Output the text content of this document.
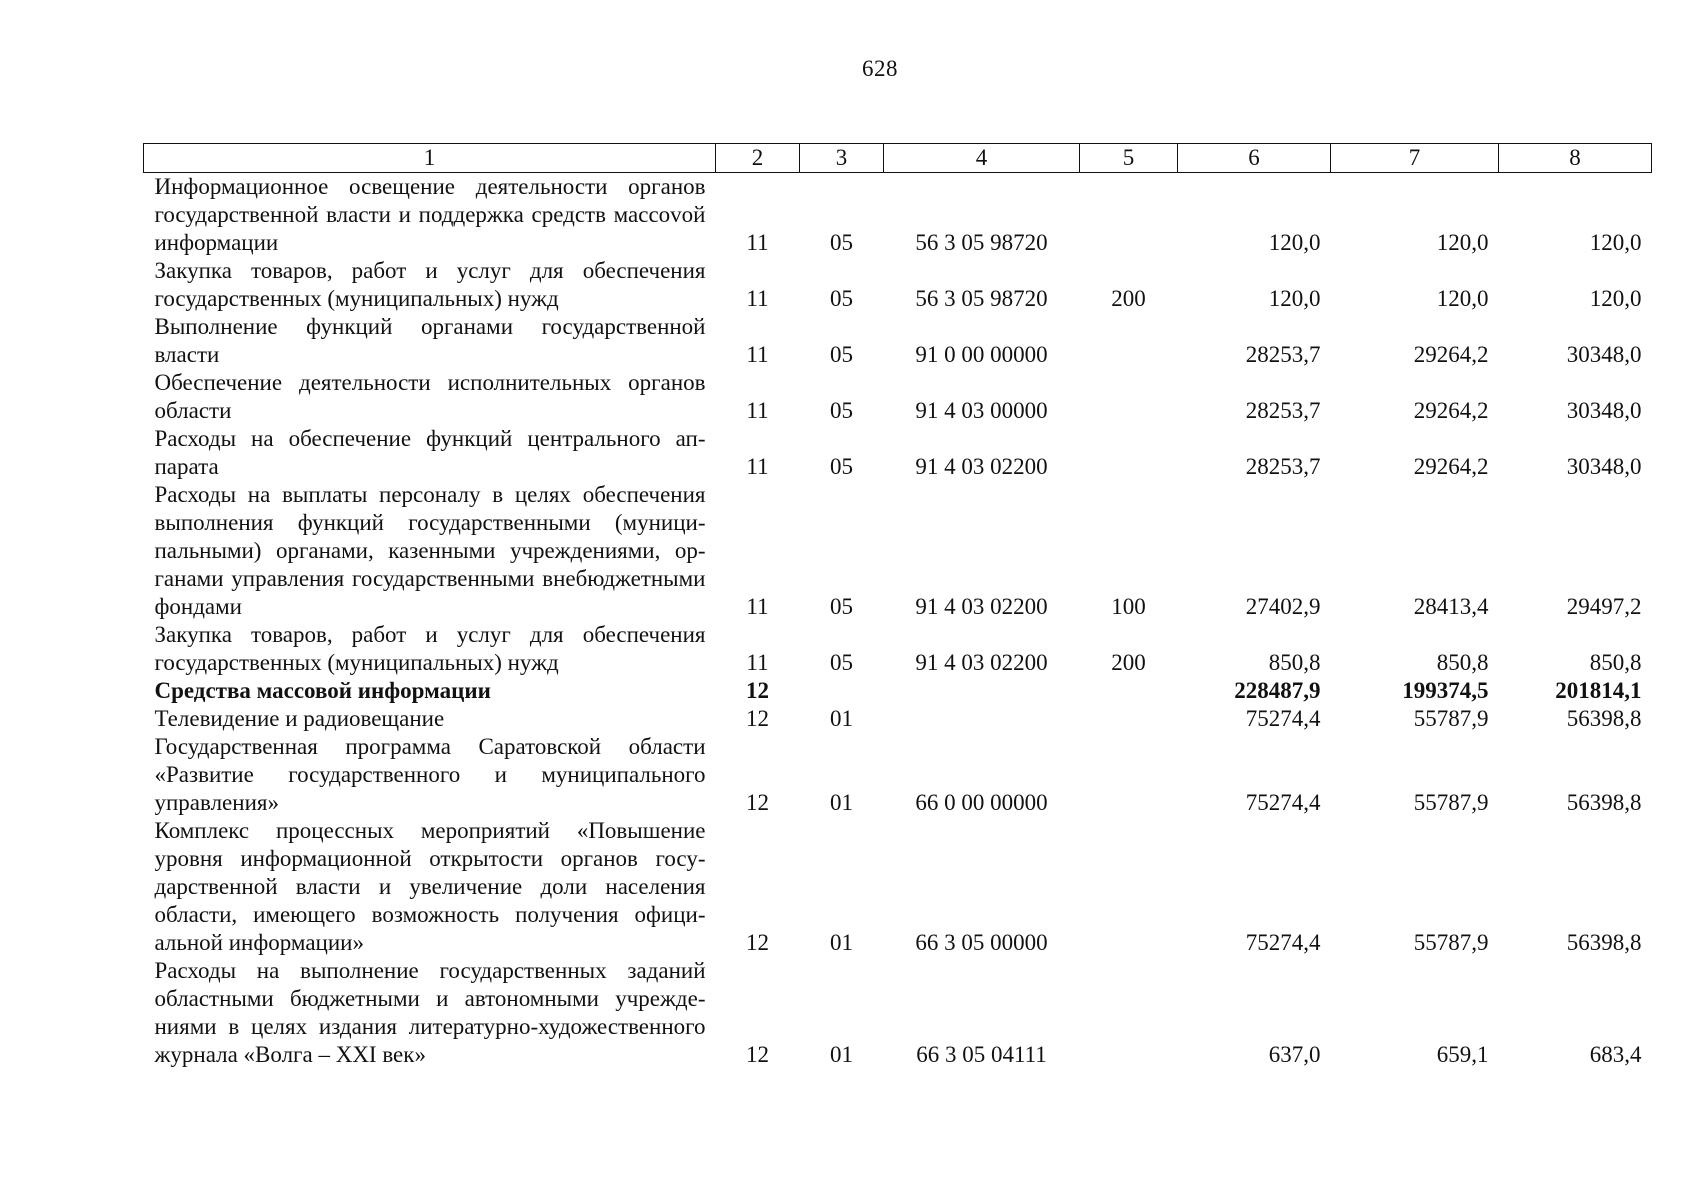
628
1	2	3	4	5	6	7	8
Информационное освещение деятельности органов государственной власти и поддержка средств массоvой информации	11	05	56 3 05 98720		120,0	120,0	120,0
Закупка товаров, работ и услуг для обеспечения государственных (муниципальных) нужд	11	05	56 3 05 98720	200	120,0	120,0	120,0
Выполнение функций органами государственной власти	11	05	91 0 00 00000		28253,7	29264,2	30348,0
Обеспечение деятельности исполнительных органов области	11	05	91 4 03 00000		28253,7	29264,2	30348,0
Расходы на обеспечение функций центрального аппарата	11	05	91 4 03 02200		28253,7	29264,2	30348,0
Расходы на выплаты персоналу в целях обеспечения выполнения функций государственными (муниципальными) органами, казенными учреждениями, органами управления государственными внебюджетными фондами	11	05	91 4 03 02200	100	27402,9	28413,4	29497,2
Закупка товаров, работ и услуг для обеспечения государственных (муниципальных) нужд	11	05	91 4 03 02200	200	850,8	850,8	850,8
Средства массовой информации	12				228487,9	199374,5	201814,1
Телевидение и радиовещание	12	01			75274,4	55787,9	56398,8
Государственная программа Саратовской области «Развитие государственного и муниципального управления»	12	01	66 0 00 00000		75274,4	55787,9	56398,8
Комплекс процессных мероприятий «Повышение уровня информационной открытости органов государственной власти и увеличение доли населения области, имеющего возможность получения официальной информации»	12	01	66 3 05 00000		75274,4	55787,9	56398,8
Расходы на выполнение государственных заданий областными бюджетными и автономными учреждениями в целях издания литературно-художественного журнала «Волга – XXI век»	12	01	66 3 05 04111		637,0	659,1	683,4
